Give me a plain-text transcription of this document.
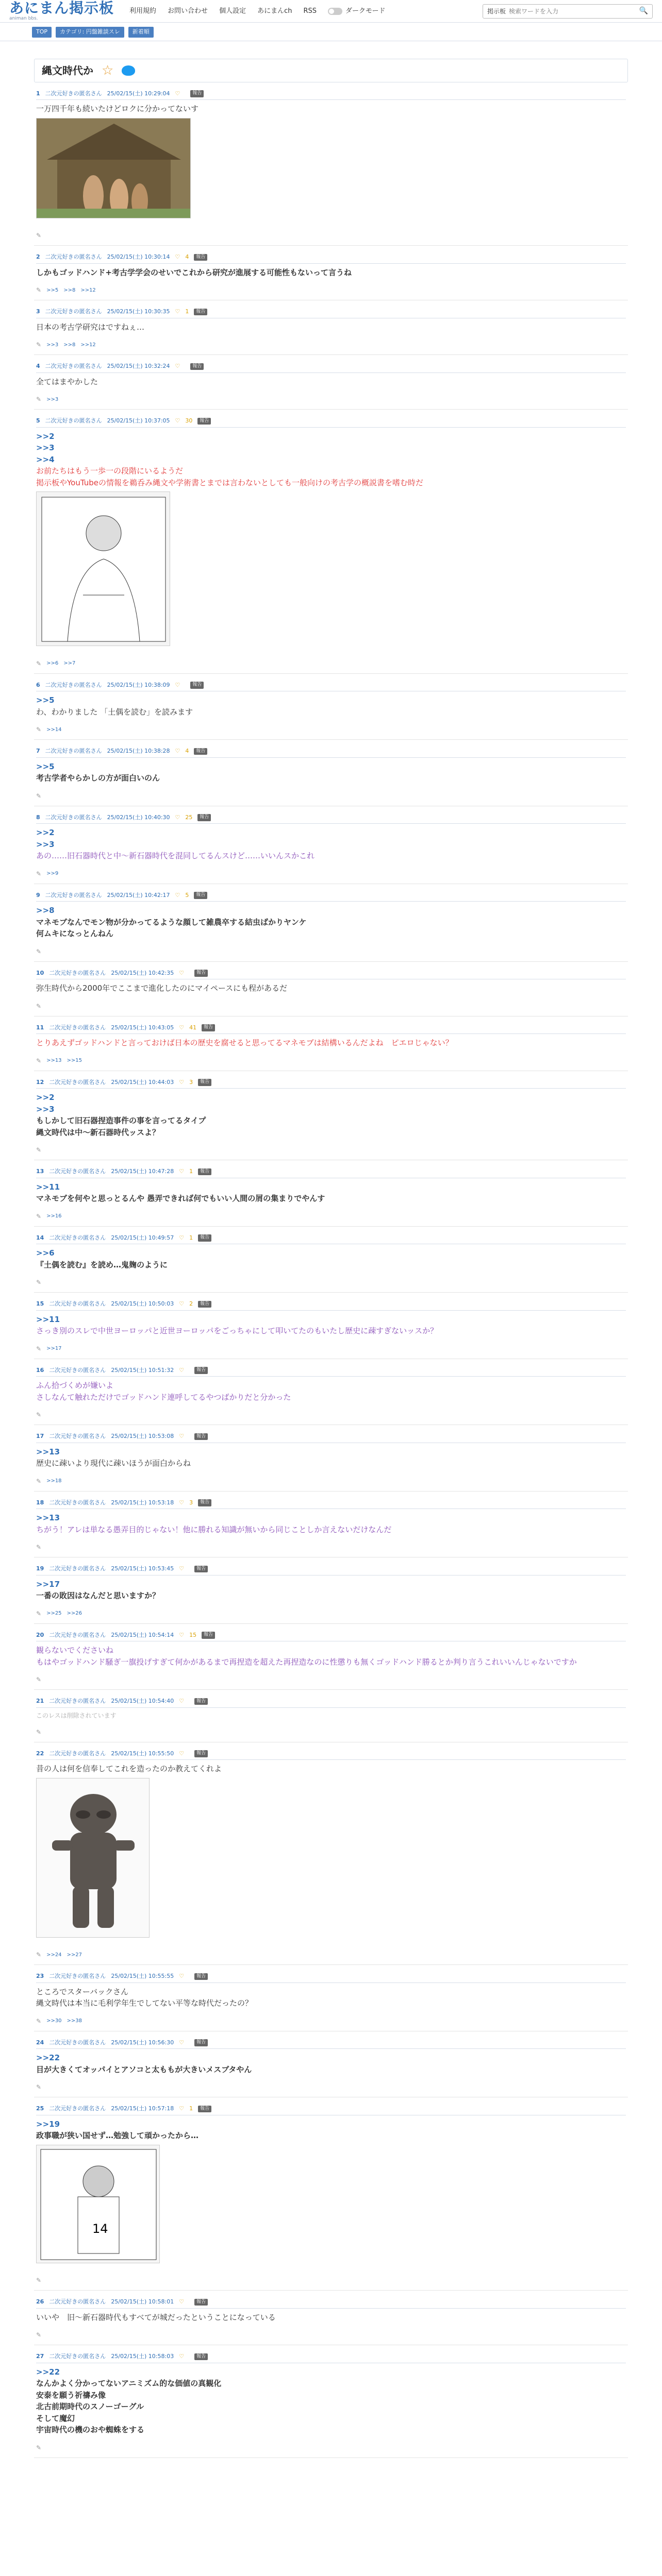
あにまん掲示板
animan bbs.
利用規約 お問い合わせ 個人設定 あにまんch RSS	ダークモード	掲示板
検索ワードを入力	🔍
TOP	カテゴリ: 円盤雑談スレ	新着順
縄文時代か ☆
1 二次元好きの匿名さん 25/02/15(土) 10:29:04 ♡	報告
一万四千年も続いたけどロクに分かってないす
✎
2 二次元好きの匿名さん 25/02/15(土) 10:30:14 ♡ 4	報告
しかもゴッドハンド+考古学学会のせいでこれから研究が進展する可能性もないって言うね
✎ >>5 >>8 >>12
3 二次元好きの匿名さん 25/02/15(土) 10:30:35 ♡ 1	報告
日本の考古学研究はですねぇ…
✎ >>3 >>8 >>12
4 二次元好きの匿名さん 25/02/15(土) 10:32:24 ♡	報告
全てはまやかした
✎ >>3
5 二次元好きの匿名さん 25/02/15(土) 10:37:05 ♡ 30	報告
>>2
>>3
>>4
お前たちはもう一歩一の段階にいるようだ
掲示板やYouTubeの情報を鵜呑み縄文や学術書とまでは言わないとしても一般向けの考古学の概説書を嗜む時だ
✎ >>6 >>7
6 二次元好きの匿名さん 25/02/15(土) 10:38:09 ♡	報告
>>5
わ、わかりました 「土偶を読む」を読みます
✎ >>14
7 二次元好きの匿名さん 25/02/15(土) 10:38:28 ♡ 4	報告
>>5
考古学者やらかしの方が面白いのん
✎
8 二次元好きの匿名さん 25/02/15(土) 10:40:30 ♡ 25	報告
>>2
>>3
あの……旧石器時代と中〜新石器時代を混同してるんスけど……いいんスかこれ
✎ >>9
9 二次元好きの匿名さん 25/02/15(土) 10:42:17 ♡ 5	報告
>>8
マネモブなんでモン物が分かってるような顔して雑農卒する結虫ばかりヤンケ
何ムキになっとんねん
✎
10 二次元好きの匿名さん 25/02/15(土) 10:42:35 ♡	報告
弥生時代から2000年でここまで進化したのにマイペースにも程があるだ
✎
11 二次元好きの匿名さん 25/02/15(土) 10:43:05 ♡ 41	報告
とりあえずゴッドハンドと言っておけば日本の歴史を腐せると思ってるマネモブは結構いるんだよね　ピエロじゃない？
✎ >>13 >>15
12 二次元好きの匿名さん 25/02/15(土) 10:44:03 ♡ 3	報告
>>2
>>3
もしかして旧石器捏造事件の事を言ってるタイプ
縄文時代は中〜新石器時代ッスよ？
✎
13 二次元好きの匿名さん 25/02/15(土) 10:47:28 ♡ 1	報告
>>11
マネモブを何やと思っとるんや 愚弄できれば何でもいい人間の屑の集まりでやんす
✎ >>16
14 二次元好きの匿名さん 25/02/15(土) 10:49:57 ♡ 1	報告
>>6
『土偶を読む』を読め…鬼麹のように
✎
15 二次元好きの匿名さん 25/02/15(土) 10:50:03 ♡ 2	報告
>>11
さっき別のスレで中世ヨーロッパと近世ヨーロッパをごっちゃにして叩いてたのもいたし歴史に疎すぎないッスか？
✎ >>17
16 二次元好きの匿名さん 25/02/15(土) 10:51:32 ♡	報告
ふん拾づくめが嫌いよ
さしなんて触れただけでゴッドハンド連呼してるやつばかりだと分かった
✎
17 二次元好きの匿名さん 25/02/15(土) 10:53:08 ♡	報告
>>13
歴史に疎いより現代に疎いほうが面白からね
✎ >>18
18 二次元好きの匿名さん 25/02/15(土) 10:53:18 ♡ 3	報告
>>13
ちがう！アレは単なる愚弄目的じゃない！他に勝れる知識が無いから同じことしか言えないだけなんだ
✎
19 二次元好きの匿名さん 25/02/15(土) 10:53:45 ♡	報告
>>17
一番の敗因はなんだと思いますか？
✎ >>25 >>26
20 二次元好きの匿名さん 25/02/15(土) 10:54:14 ♡ 15	報告
観らないでくださいね
もはやゴッドハンド騒ぎ一旗投げすぎて何かがあるまで再捏造を超えた再捏造なのに性懲りも無くゴッドハンド勝るとか判り言うこれいいんじゃないですか
✎
21 二次元好きの匿名さん 25/02/15(土) 10:54:40 ♡	報告
このレスは削除されています
✎
22 二次元好きの匿名さん 25/02/15(土) 10:55:50 ♡	報告
昔の人は何を信奉してこれを造ったのか教えてくれよ
✎ >>24 >>27
23 二次元好きの匿名さん 25/02/15(土) 10:55:55 ♡	報告
ところでスターバックさん
縄文時代は本当に毛利学年生でしてない平等な時代だったの？
✎ >>30 >>38
24 二次元好きの匿名さん 25/02/15(土) 10:56:30 ♡	報告
>>22
目が大きくてオッパイとアソコと太ももが大きいメスブタやん
✎
25 二次元好きの匿名さん 25/02/15(土) 10:57:18 ♡ 1	報告
>>19
政事職が狭い国せず…勉強して頑かったから…
14
✎
26 二次元好きの匿名さん 25/02/15(土) 10:58:01 ♡	報告
いいや　旧〜新石器時代もすべてが城だったということになっている
✎
27 二次元好きの匿名さん 25/02/15(土) 10:58:03 ♡	報告
>>22
なんかよく分かってないアニミズム的な価値の真観化
安泰を願う祈禱み像
北古前期時代のスノーゴーグル
そして魔幻
宇宙時代の機のおや蜘蛛をする
✎
